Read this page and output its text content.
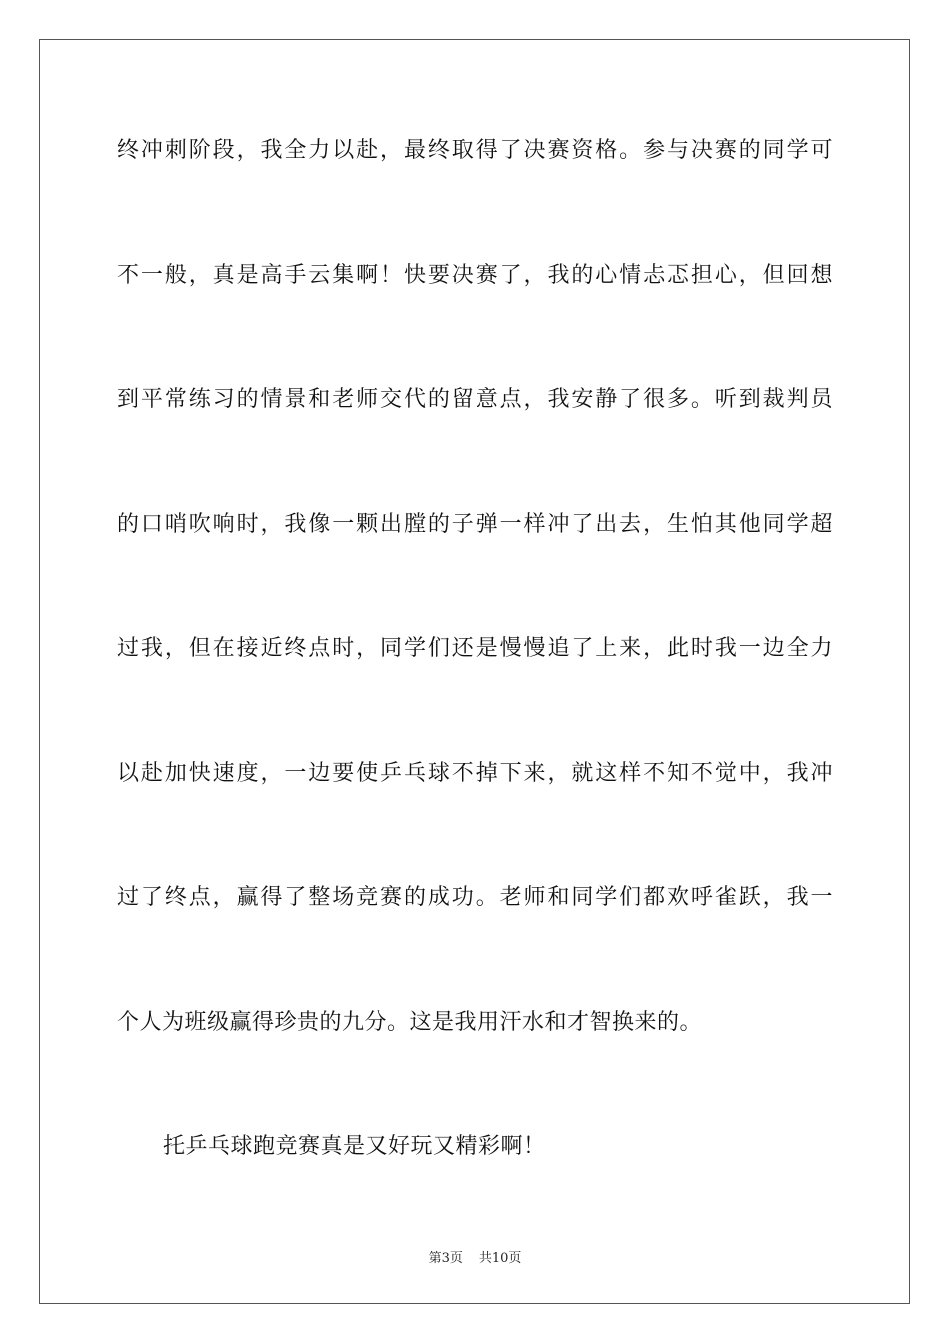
终冲刺阶段，我全力以赴，最终取得了决赛资格。参与决赛的同学可
不一般，真是高手云集啊！快要决赛了，我的心情忐忑担心，但回想
到平常练习的情景和老师交代的留意点，我安静了很多。听到裁判员
的口哨吹响时，我像一颗出膛的子弹一样冲了出去，生怕其他同学超
过我，但在接近终点时，同学们还是慢慢追了上来，此时我一边全力
以赴加快速度，一边要使乒乓球不掉下来，就这样不知不觉中，我冲
过了终点，赢得了整场竞赛的成功。老师和同学们都欢呼雀跃，我一
个人为班级赢得珍贵的九分。这是我用汗水和才智换来的。
托乒乓球跑竞赛真是又好玩又精彩啊！
第3页 共10页
